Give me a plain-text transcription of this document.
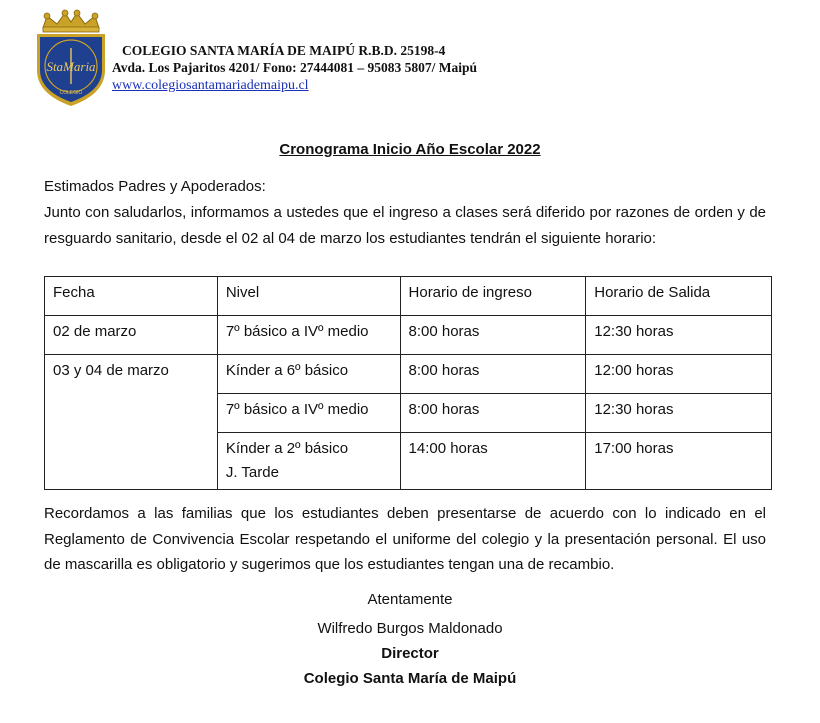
StaMaria
COLEGIO
COLEGIO SANTA MARÍA DE MAIPÚ R.B.D. 25198-4
Avda. Los Pajaritos 4201/ Fono: 27444081 – 95083 5807/ Maipú
www.colegiosantamariademaipu.cl
Cronograma Inicio Año Escolar 2022
Estimados Padres y Apoderados:
Junto con saludarlos, informamos a ustedes que el ingreso a clases será diferido por razones de orden y de resguardo sanitario, desde el 02 al 04 de marzo los estudiantes tendrán el siguiente horario:
Fecha	Nivel	Horario de ingreso	Horario de Salida
02 de marzo	7º básico a IVº medio	8:00 horas	12:30 horas
03 y 04 de marzo	Kínder a 6º básico	8:00 horas	12:00 horas
	7º básico a IVº medio	8:00 horas	12:30 horas

	Kínder a 2º básico
J. Tarde	14:00 horas	17:00 horas
Recordamos a las familias que los estudiantes deben presentarse de acuerdo con lo indicado en el Reglamento de Convivencia Escolar respetando el uniforme del colegio y la presentación personal. El uso de mascarilla es obligatorio y sugerimos que los estudiantes tengan una de recambio.
Atentamente
Wilfredo Burgos Maldonado
Director
Colegio Santa María de Maipú
